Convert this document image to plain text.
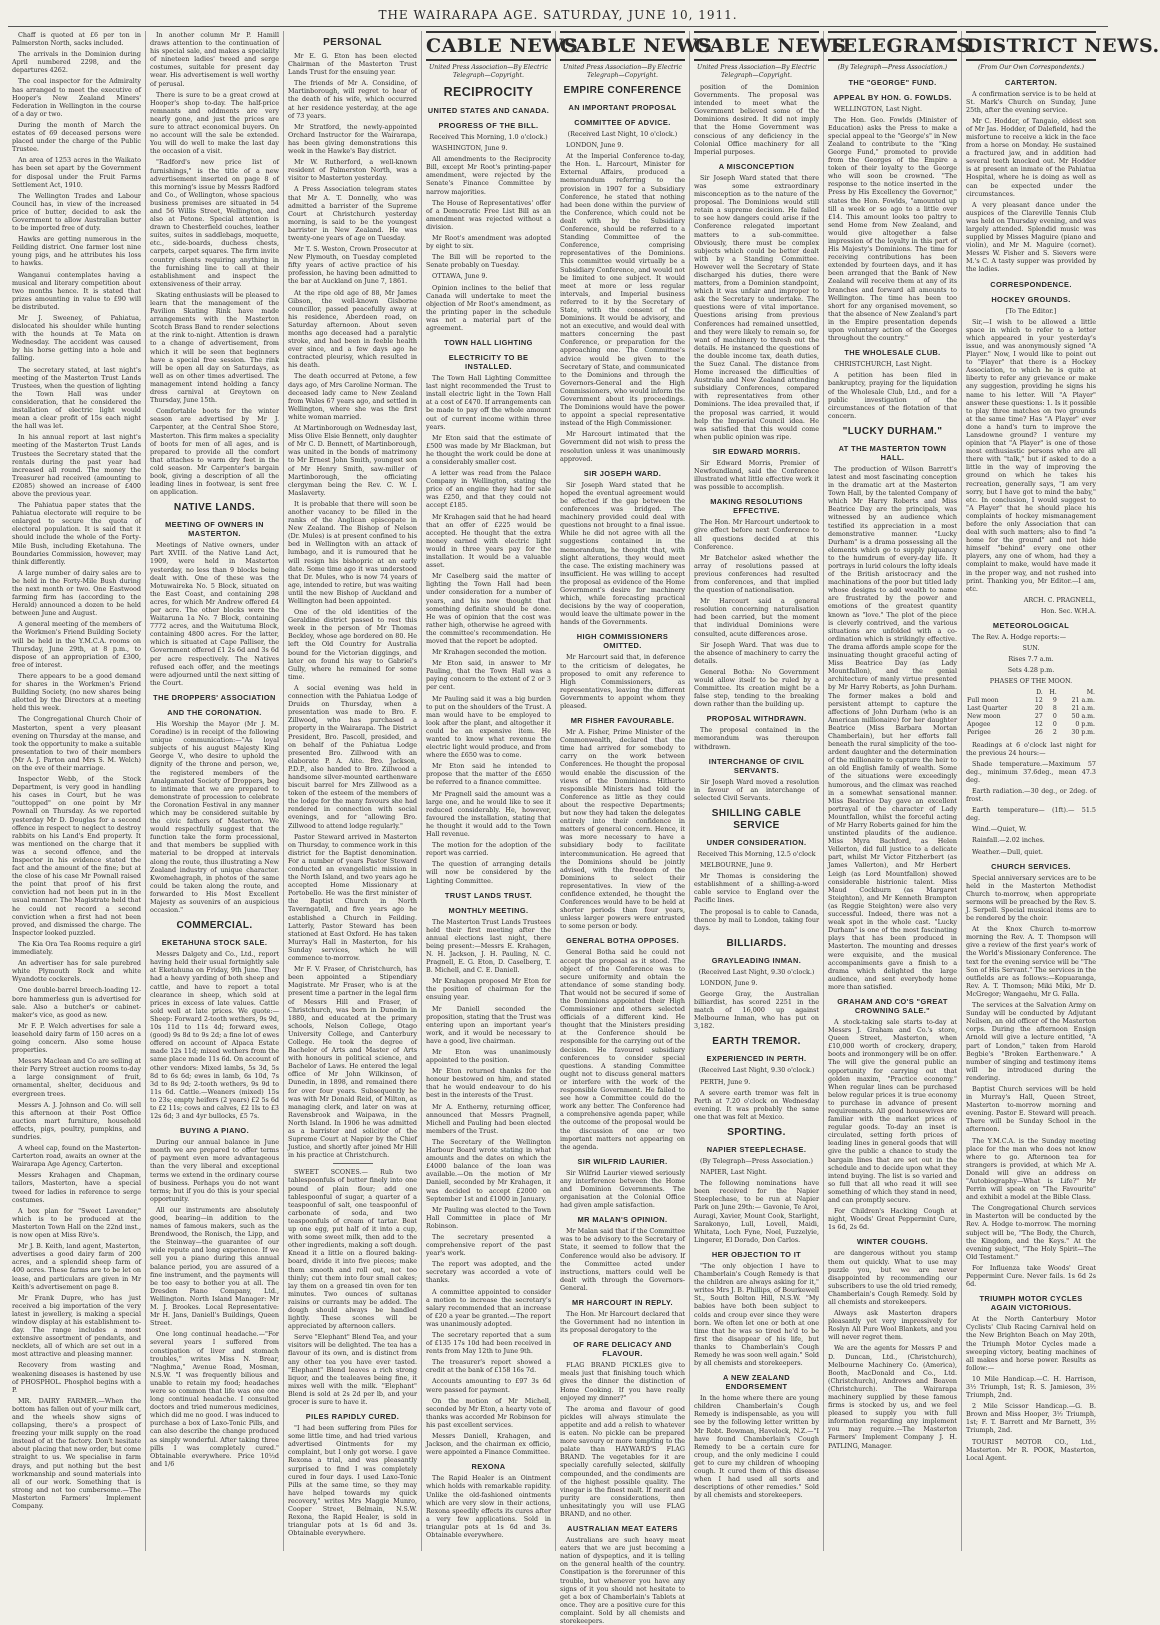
THE WAIRARAPA AGE. SATURDAY, JUNE 10, 1911.

Chaff is quoted at £6 per ton in Palmerston North, sacks included.

The arrivals in the Dominion during April numbered 2298, and the departures 4262.

The coal inspector for the Admiralty has arranged to meet the executive of Hooper's New Zealand Miners' Federation in Wellington in the course of a day or two.

During the month of March the estates of 69 deceased persons were placed under the charge of the Public Trustee.

An area of 1253 acres in the Waikato has been set apart by the Government for disposal under the Fruit Farms Settlement Act, 1910.

The Wellington Trades and Labour Council has, in view of the increased price of butter, decided to ask the Government to allow Australian butter to be imported free of duty.

Hawks are getting numerous in the Feilding district. One farmer lost nine young pigs, and he attributes his loss to hawks.

Wanganui contemplates having a musical and literary competition about two months hence. It is stated that prizes amounting in value to £90 will be distributed.

Mr J. Sweeney, of Pahiatua, dislocated his shoulder while hunting with the hounds at Te Mata on Wednesday. The accident was caused by his horse getting into a hole and falling.

The secretary stated, at last night's meeting of the Masterton Trust Lands Trustees, when the question of lighting the Town Hall was under consideration, that he considered the installation of electric light would mean a clear profit of 15s each night the hall was let.

In his annual report at last night's meeting of the Masterton Trust Lands Trustees the Secretary stated that the rentals during the past year had increased all round. The money the Treasurer had received (amounting to £2085) showed an increase of £400 above the previous year.

The Pahiatua paper states that the Pahiatua electorate will require to be enlarged to secure the quota of electoral population. It is said that it should include the whole of the Forty-Mile Bush, including Eketahuna. The Boundaries Commission, however, may think differently.

A large number of dairy sales are to be held in the Forty-Mile Bush during the next month or two. One Eastwood farming firm has (according to the Herald) announced a dozen to be held between June and August.

A general meeting of the members of the Workmen's Friend Building Society will be held in the Y.M.C.A. rooms on Thursday, June 29th, at 8 p.m., to dispose of an appropriation of £300, free of interest.

There appears to be a good demand for shares in the Workmen's Friend Building Society, (no new shares being allotted by the Directors at a meeting held this week.

The Congregational Church Choir of Masterton, spent a very pleasant evening on Thursday at the manse, and took the opportunity to make a suitable presentation to two of their members (Mr A. J. Parton and Mrs S. M. Welch) on the eve of their marriage.

Inspector Webb, of the Stock Department, is very good in handling his cases in Court, but he was "outtopped" on one point by Mr Pownall on Thursday. As we reported yesterday Mr D. Douglas for a second offence in respect to neglect to destroy rabbits on his Land's End property. It was mentioned on the charge that it was a second offence, and the Inspector in his evidence stated the fact and the amount of the fine; but at the close of his case Mr Pownall raised the point that proof of his first conviction had not been put in in the usual manner. The Magistrate held that he could not record a second conviction when a first had not been proved, and dismissed the charge. The Inspector looked puzzled.

The Kia Ora Tea Rooms require a girl immediately.

An advertiser has for sale purebred white Plymouth Rock and white Wyandotte cockerels.

One double-barrel breech-loading 12-bore hammerless gun is advertised for sale. Also a butcher's or cabinet-maker's vice, as good as new.

Mr F. P. Welch advertises for sale a leasehold dairy farm of 150 acres on a going concern. Also some house properties.

Messrs Maclean and Co are selling at their Perry Street auction rooms to-day a large consignment of fruit, ornamental, shelter, deciduous and evergreen trees.

Messrs A. J. Johnson and Co. will sell this afternoon at their Post Office auction mart furniture, household effects, pigs, poultry, pumpkins, and sundries.

A wheel cap, found on the Masterton-Carterton road, awaits an owner at the Wairarapa Age Agency, Carterton.

Messrs Krahagen and Chapman, tailors, Masterton, have a special tweed for ladies in reference to serge costumes.

A box plan for "Sweet Lavender," which is to be produced at the Masterton Town Hall on the 22nd inst., is now open at Miss Rive's.

Mr J. B. Keith, land agent, Masterton, advertises a good dairy farm of 200 acres, and a splendid sheep farm of 400 acres. These farms are to be let on lease, and particulars are given in Mr Keith's advertisement on page 8.

Mr Frank Dupre, who has just received a big importation of the very latest in jewellery, is making a special window display at his establishment to-day. The range includes a most extensive assortment of pendants, and necklets, all of which are set out in a most attractive and pleasing manner.

Recovery from wasting and weakening diseases is hastened by use of PHOSPHOL. Phosphol begins with a P.

MR. DAIRY FARMER.—When the bottom has fallen out of your milk cart, and the wheels show signs of collapsing, there's a prospect of freezing your milk supply on the road instead of at the factory. Don't hesitate about placing that new order, but come straight to us. We specialise in farm drays, and put nothing but the best workmanship and sound materials into all of our work. Something that is strong and not too cumbersome.—The Masterton Farmers' Implement Company.

In another column Mr P. Hamill draws attention to the continuation of his special sale, and makes a speciality of nineteen ladies' tweed and serge costumes, suitable for present day wear. His advertisement is well worthy of perusal.

There is sure to be a great crowd at Hooper's shop to-day. The half-price remnants and oddments are very nearly gone, and just the prices are sure to attract economical buyers. On no account will the sale be extended. You will do well to make the last day the occasion of a visit.

"Radford's new price list of furnishings," is the title of a new advertisement inserted on page 8 of this morning's issue by Messrs Radford and Co., of Wellington, whose spacious business premises are situated in 54 and 56 Willis Street, Wellington, and also at Petone. Special attention is drawn to Chesterfield couches, leather suites, suites in saddlebags, moquette, etc., side-boards, duchess chests, carpets, carpet squares. The firm invite country clients requiring anything in the furnishing line to call at their establishment and inspect the extensiveness of their array.

Skating enthusiasts will be pleased to learn that the management of the Pavilion Skating Rink have made arrangements with the Masterton Scotch Brass Band to render selections at the rink to-night. Attention is drawn to a change of advertisement, from which it will be seen that beginners have a special free session. The rink will be open all day on Saturdays, as well as on other times advertised. The management intend holding a fancy dress carnival at Greytown on Thursday, June 15th.

Comfortable boots for the winter season are advertised by Mr J. Carpenter, at the Central Shoe Store, Masterton. This firm makes a speciality of boots for men of all ages, and is prepared to provide all the comfort that attaches to warm dry feet in the cold season. Mr Carpenter's bargain book, giving a description of all the leading lines in footwear, is sent free on application.

NATIVE LANDS.
MEETING OF OWNERS IN MASTERTON.

Meetings of Native owners, under Part XVIII. of the Native Land Act, 1909, were held in Masterton yesterday, no less than 9 blocks being dealt with. One of these was the Motuwaireka No. 5 Block, situated on the East Coast, and containing 298 acres, for which Mr Andrew offered £4 per acre. The other blocks were the Waitaruna 1a No. 7 Block, containing 7772 acres, and the Waitutuma Block, containing 4800 acres. For the latter, which is situated at Cape Palliser, the Government offered £1 2s 6d and 3s 6d per acre respectively. The Natives refused each offer, and the meetings were adjourned until the next sitting of the Court.

THE DROPPERS' ASSOCIATION
AND THE CORONATION.

His Worship the Mayor (Mr J. M. Coradine) is in receipt of the following unique communication:—"As loyal subjects of his august Majesty King George V., who desire to uphold the dignity of the throne and person, we, the registered members of the Amalgamated Society of Droppers, beg to intimate that we are prepared to demonstrate of procession to celebrate the Coronation Festival in any manner which may be considered suitable by the civic fathers of Masterton. We would respectfully suggest that the function take the form processional, and that members be supplied with material to be dropped at intervals along the route, thus illustrating a New Zealand industry of unique character. Kwomehagraph, in photos of the same could be taken along the route, and forwarded to His Most Excellent Majesty as souvenirs of an auspicious occasion."

COMMERCIAL.
EKETAHUNA STOCK SALE.

Messrs Dalgety and Co., Ltd., report having held their usual fortnightly sale at Eketahuna on Friday, 9th June. They had a heavy yarding of both sheep and cattle, and have to report a total clearance in sheep, which sold at prices in excess of late values. Cattle sold well at late prices. We quote:—Sheep: Forward 2-tooth wethers, 9s 9d, 10s 11d to 11s 4d; forward ewes, (good) 9s 8d to 9s 2d; a fine lot of ewes offered on account of Alpaca Estate made 12s 11d; mixed wethers from the same place made 11s 6d. On account of other vendors: Mixed lambs, 5s 3d, 5s 8d to 6s 6d; ewes in lamb, 6s 10d, 7s 3d to 8s 9d; 2-tooth wethers, 9s 9d to 11s 6d. Cattle.—Weaners (mixed) 15s to 23s; empty heifers (2 years) £2 5s 6d to £2 11s; cows and calves, £2 1ls to £3 12s 6d; 3 and 4yr bullocks, £5 7s.

BUYING A PIANO.

During our annual balance in June month we are prepared to offer terms of payment even more advantageous than the very liberal and exceptional terms we extend in the ordinary course of business. Perhaps you do not want terms; but if you do this is your special opportunity.

All our instruments are absolutely good, bearing—in addition to the names of famous makers, such as the Brendwood, the Ronisch, the Lipp, and the Steinway—the guarantee of our wide repute and long experience. If we sell you a piano during this annual balance period, you are assured of a fine instrument, and the payments will be too easy to bother you at all. The Dresden Piano Company, Ltd., Wellington. North Island Manager: Mr M. J. Brookes. Local Representative: Mr H. Jans, Daniell's Buildings, Queen Street.

One long continual headache.—"For several years I suffered from constipation of liver and stomach troubles," writes Miss N. Brear, "Naghma," Avenue Road, Mosman, N.S.W. "I was frequently bilious and unable to retain my food; headaches were so common that life was one one long continual headache. I consulted doctors and tried numerous medicines, which did me no good. I was induced to purchase a box of Laxo-Tonic Pills, and can also describe the change produced as simply wonderful. After taking three pills I was completely cured." Obtainable everywhere. Price 10½d and 1/6

PERSONAL

Mr E. G. Eton has been elected Chairman of the Masterton Trust Lands Trust for the ensuing year.

The friends of Mr A. Considine, of Martinborough, will regret to hear of the death of his wife, which occurred at her residence yesterday, at the age of 73 years.

Mr Stratford, the newly-appointed Orchard Instructor for the Wairarapa, has been giving demonstrations this week in the Hawke's Bay district.

Mr W. Rutherford, a well-known resident of Palmerston North, was a visitor to Masterton yesterday.

A Press Association telegram states that Mr A. T. Donnelly, who was admitted a barrister of the Supreme Court at Christchurch yesterday morning, is said to be the youngest barrister in New Zealand. He was twenty-one years of age on Tuesday.

Mr T. S. Weston, Crown Prosecutor at New Plymouth, on Tuesday completed fifty years of active practice of his profession, he having been admitted to the bar at Auckland on June 7, 1861.

At the ripe old age of 88, Mr James Gibson, the well-known Gisborne councillor, passed peacefully away at his residence, Aberdeen road, on Saturday afternoon. About seven months ago deceased had a paralytic stroke, and had been in feeble health ever since, and a few days ago he contracted pleurisy, which resulted in his death.

The death occurred at Petone, a few days ago, of Mrs Caroline Norman. The deceased lady came to New Zealand from Wales 67 years ago, and settled in Wellington, where she was the first white woman married.

At Martinborough on Wednesday last, Miss Olive Elsie Bennett, only daughter of Mr C. D. Bennett, of Martinborough, was united in the bonds of matrimony to Mr Ernest John Smith, youngest son of Mr Henry Smith, saw-miller of Martinborough, the officiating clergyman being the Rev. C. W. I. Maslaverty.

It is probable that there will soon be another vacancy to be filled in the ranks of the Anglican episcopate in New Zealand. The Bishop of Nelson (Dr. Mules) is at present confined to his bed in Wellington with an attack of lumbago, and it is rumoured that he will resign his bishopric at an early date. Some time ago it was understood that Dr. Mules, who is now 74 years of age, intended to retire, but was waiting until the new Bishop of Auckland and Wellington had been appointed.

One of the old identities of the Geraldine district passed to rest this week in the person of Mr Thomas Beckley, whose age bordered on 80. He left the Old Country for Australia bound for the Victorian diggings, and later on found his way to Gabriel's Gully, where he remained for some time.

A social evening was held in connection with the Pahiatua Lodge of Druids on Thursday, when a presentation was made to Bro. F. Zillwood, who has purchased a property in the Wairarapa. The District President, Bro. Pascoll, presided, and on behalf of the Pahiatua Lodge presented Bro. Zillwood with an elaborate P. A. Aite. Bro. Jackson, P.D.P., also handed to Bro. Zillwood a handsome silver-mounted earthenware biscuit barrel for Mrs Zillwood as a token of the esteem of the members of the lodge for the many favours she had rendered in connection with social evenings, and for "allowing Bro. Zillwood to attend lodge regularly."

Pastor Steward arrived in Masterton on Thursday, to commence work in this district for the Baptist denomination. For a number of years Pastor Steward conducted an evangelistic mission in the North Island, and two years ago he accepted Home Missionary at Portobello. He was the first minister of the Baptist Church in North Taverngatell, and five years ago he established a Church in Feilding. Latterly, Pastor Steward has been stationed at East Oxford. He has taken Murray's Hall in Masterton, for his Sunday services, which he will commence to-morrow.

Mr F. V. Fraser, of Christchurch, has been appointed a Stipendiary Magistrate. Mr Fraser, who is at the present time a partner in the legal firm of Messrs Hill and Fraser, of Christchurch, was born in Dunedin in 1880, and educated at the primary schools, Nelson College, Otago University College, and Canterbury College. He took the degree of Bachelor of Arts and Master of Arts with honours in political science, and Bachelor of Laws. He entered the legal office of Mr John Wilkinson, of Dunedin, in 1898, and remained there for over four years. Subsequently he was with Mr Donald Reid, of Milton, as managing clerk, and later on was at Ravensbrook and Waipawa, in the North Island. In 1906 he was admitted as a barrister and solicitor of the Supreme Court at Napier by the Chief Justice, and shortly after joined Mr Hill in his practice at Christchurch.

SWEET SCONES.— Rub two tablespoonfuls of butter finely into one pound of plain flour; add one tablespoonful of sugar, a quarter of a teaspoonful of salt, one teaspoonful of carbonate of soda, and two teaspoonfuls of cream of tartar. Beat up one egg, put half of it into a cup, with some sweet milk, then add to the other ingredients, making a soft dough. Knead it a little on a floured baking-board, divide it into five pieces; make them smooth and roll out, not too thinly; cut them into four small cakes; lay them on a greased tin oven for ten minutes. Two ounces of sultanas raisins or currants may be added. The dough should always be handled lightly. These scones will be appreciated by afternoon callers.

Serve "Elephant" Blend Tea, and your visitors will be delighted. The tea has a flavour of its own, and is distinct from any other tea you have ever tasted. "Elephant" Blend leaves a rich strong liquor, and the tealeaves being fine, it mixes well with the milk. "Elephant" Blend is sold at 2s 2d per lb, and your grocer is sure to have it.

PILES RAPIDLY CURED.

"I had been suffering from Piles for some little time, and had tried various advertised Ointments for my complaint, but I only got worse. I gave Rexona a trial, and was pleasantly surprised to find I was completely cured in four days. I used Laxo-Tonic Pills at the same time, so they may have helped towards my quick recovery," writes Mrs Maggie Munro, Cooper Street, Belmain, N.S.W. Rexona, the Rapid Healer, is sold in triangular pots at 1s 6d and 3s. Obtainable everywhere.

CABLE NEWS
United Press Association—By Electric Telegraph—Copyright.
RECIPROCITY
UNITED STATES AND CANADA.
PROGRESS OF THE BILL.

Received This Morning, 1.0 o'clock.)

WASHINGTON, June 9.

All amendments to the Reciprocity Bill, except Mr Root's printing-paper amendment, were rejected by the Senate's Finance Committee by narrow majorities.

The House of Representatives' offer of a Democratic Free List Bill as an amendment was rejected without a division.

Mr Root's amendment was adopted by eight to six.

The Bill will be reported to the Senate probably on Tuesday.

OTTAWA, June 9.

Opinion inclines to the belief that Canada will undertake to meet the objection of Mr Root's amendment, as the printing paper in the schedule was not a material part of the agreement.

TOWN HALL LIGHTING
ELECTRICITY TO BE INSTALLED.

The Town Hall Lighting Committee last night recommended the Trust to install electric light in the Town Hall at a cost of £470. If arrangements can be made to pay off the whole amount out of current income within three years.

Mr Eton said that the estimate of £500 was made by Mr Blackman, but he thought the work could be done at a considerably smaller cost.

A letter was read from the Palace Company in Wellington, stating the price of an engine they had for sale was £250, and that they could not accept £185.

Mr Krahagen said that he had heard that an offer of £225 would be accepted. He thought that the extra money earned with electric light would in three years pay for the installation. It would be a valuable asset.

Mr Caselberg said the matter of lighting the Town Hall had been under consideration for a number of years, and his now thought that something definite should be done. He was of opinion that the cost was rather high, otherwise he agreed with the committee's recommendation. He moved that the report be adopted.

Mr Krahagen seconded the motion.

Mr Eton said, in answer to Mr Pauling, that the Town Hall was a paying concern to the extent of 2 or 3 per cent.

Mr Pauling said it was a big burden to put on the shoulders of the Trust. A man would have to be employed to look after the plant, and altogether it could be an expensive item. He wanted to know what revenue the electric light would produce, and from where the £650 was to come.

Mr Eton said he intended to propose that the matter of the £650 be referred to a finance committee.

Mr Pragnell said the amount was a large one, and he would like to see it reduced considerably. He, however, favoured the installation, stating that he thought it would add to the Town Hall revenue.

The motion for the adoption of the report was carried.

The question of arranging details will now be considered by the Lighting Committee.

TRUST LANDS TRUST.
MONTHLY MEETING.

The Masterton Trust Lands Trustees held their first meeting after the annual elections last night, there being present:—Messrs E. Krahagen, N. H. Jackson, J. H. Pauling, N. C. Pragnell, E. G. Eton, D. Caselberg, T. B. Michell, and C. E. Daniell.

Mr Krahagen proposed Mr Eton for the position of chairman for the ensuing year.

Mr Daniell seconded the proposition, stating that the Trust was entering upon an important year's work, and it would be necessary to have a good, live chairman.

Mr Eton was unanimously appointed to the position.

Mr Eton returned thanks for the honour bestowed on him, and stated that he would endeavour to do his best in the interests of the Trust.

Mr A. Entherny, returning officer, announced that Messrs Pragnell, Michell and Pauling had been elected members of the Trust.

The Secretary of the Wellington Harbour Board wrote stating in what amounts and the dates on which the £4000 balance of the loan was available.—On the motion of Mr Daniell, seconded by Mr Krahagen, it was decided to accept £2000 on September 1st and £1000 in January.

Mr Pauling was elected to the Town Hall Committee in place of Mr Robinson.

The secretary presented a comprehensive report of the past year's work.

The report was adopted, and the secretary was accorded a vote of thanks.

A committee appointed to consider a motion to increase the secretary's salary recommended that an increase of £20 a year be granted.—The report was unanimously adopted.

The secretary reported that a sum of £135 17s 10d had been received in rents from May 12th to June 9th.

The treasurer's report showed a credit at the bank of £158 16s 7d.

Accounts amounting to £97 3s 6d were passed for payment.

On the motion of Mr Michell, seconded by Mr Eton, a hearty vote of thanks was accorded Mr Robinson for his past excellent services.

Messrs Daniell, Krahagen, and Jackson, and the chairman ex officio, were appointed a Finance Committee.

REXONA

The Rapid Healer is an Ointment which holds with remarkable rapidity. Unlike the old-fashioned ointments which are very slow in their actions, Rexona speedily effects its cures after a very few applications. Sold in triangular pots at 1s 6d and 3s. Obtainable everywhere.

CABLE NEWS
United Press Association—By Electric Telegraph—Copyright.
EMPIRE CONFERENCE
AN IMPORTANT PROPOSAL
COMMITTEE OF ADVICE.

(Received Last Night, 10 o'clock.)

LONDON, June 9.

At the Imperial Conference to-day, the Hon. L. Harcourt, Minister for External Affairs, produced a memorandum referring to the provision in 1907 for a Subsidiary Conference, he stated that nothing had been done within the purview of the Conference, which could not be dealt with by the Subsidiary Conference, should be referred to a Standing Committee of the Conference, comprising representatives of the Dominions. This committee would virtually be a Subsidiary Conference, and would not be limited to one subject. It would meet at more or less regular intervals, and Imperial business referred to it by the Secretary of State, with the consent of the Dominions. It would be advisory, and not an executive, and would deal with matters concerning the past Conference, or preparation for the approaching one. The Committee's advice would be given to the Secretary of State, and communicated to the Dominions and through the Governors-General and the High Commissioners, who would inform the Government about its proceedings. The Dominions would have the power to appoint a special representative instead of the High Commissioner.

Mr Harcourt intimated that the Government did not wish to press the resolution unless it was unanimously approved.

SIR JOSEPH WARD.

Sir Joseph Ward stated that he hoped the eventual agreement would be effected if the gap between the conferences was bridged. The machinery provided could deal with questions not brought to a final issue. While he did not agree with all the suggestions contained in the memorandum, he thought that, with slight alterations, they would meet the case. The existing machinery was insufficient. He was willing to accept the proposal as evidence of the Home Government's desire for machinery which, while forecasting practical decisions by the way of cooperation, would leave the ultimate power in the hands of the Governments.

HIGH COMMISSIONERS OMITTED.

Mr Harcourt said that, in deference to the criticism of delegates, he proposed to omit any reference to High Commissioners, as representatives, leaving the different Governments to appoint whom they pleased.

MR FISHER FAVOURABLE.

Mr A. Fisher, Prime Minister of the Commonwealth, declared that the time had arrived for somebody to carry on the work between Conferences. He thought the proposal would enable the discussion of the views of the Dominions. Hitherto responsible Ministers had told the Conference as little as they could about the respective Departments; but now they had taken the delegates entirely into their confidence in matters of general concern. Hence, it was more necessary to have a subsidiary body to facilitate intercommunication. He agreed that the Dominions should be jointly advised, with the freedom of the Dominions to select their representatives. In view of the confidence extended, he thought the Conferences would have to be held at shorter periods than four years, unless larger powers were entrusted to some person or body.

GENERAL BOTHA OPPOSES.

General Botha said he could not accept the proposal as it stood. The object of the Conference was to secure uniformity and obtain the attendance of some standing body. That would not be secured if some of the Dominions appointed their High Commissioner and others selected officials of a different kind. He thought that the Ministers presiding at the Conference should be responsible for the carrying out of the decision. He favoured subsidiary conferences to consider special questions. A standing Committee ought not to discuss general matters or interfere with the work of the responsible Government. He failed to see how a Committee could do the work any better. The Conference had a comprehensive agenda paper, while the outcome of the proposal would be the discussion of one or two important matters not appearing on the agenda.

SIR WILFRID LAURIER.

Sir Wilfrid Laurier viewed seriously any interference between the Home and Dominion Governments. The organisation at the Colonial Office had given ample satisfaction.

MR MALAN'S OPINION.

Mr Malan said that if the Committee was to be advisory to the Secretary of State, it seemed to follow that the Conference would also be advisory. If the Committee acted under instructions, matters could well be dealt with through the Governors-General.

MR HARCOURT IN REPLY.

The Hon. Mr Harcourt declared that the Government had no intention in its proposal derogatory to the

OF RARE DELICACY AND FLAVOUR.

FLAG BRAND PICKLES give to meals just that finishing touch which gives the dinner the distinction of Home Cooking. If you have really enjoyed my dinner?"

The aroma and flavour of good pickles will always stimulate the appetite and add a relish to whatever is eaten. No pickle can be prepared more savoury or more tempting to the palate than HAYWARD'S FLAG BRAND. The vegetables for it are specially carefully selected, skilfully compounded, and the condiments are of the highest possible quality. The vinegar is the finest malt. If merit and purity are considerations, then unhesitatingly you will use FLAG BRAND, and no other.

AUSTRALIAN MEAT EATERS

Australians are such heavy meat eaters that we are just becoming a nation of dyspeptics, and it is telling on the general health of the country. Constipation is the forerunner of this trouble, but whenever you have any signs of it you should not hesitate to get a box of Chamberlain's Tablets at once. They are a positive cure for this complaint. Sold by all chemists and storekeepers.

CABLE NEWS
United Press Association—By Electric Telegraph—Copyright.

position of the Dominion Governments. The proposal was intended to meet what the Government believed some of the Dominions desired. It did not imply that the Home Government was conscious of any deficiency in the Colonial Office machinery for all Imperial purposes.

A MISCONCEPTION

Sir Joseph Ward stated that there was some extraordinary misconception as to the nature of the proposal. The Dominions would still retain a supreme decision. He failed to see how dangers could arise if the Conference relegated important matters to a sub-committee. Obviously, there must be complex subjects which could be better dealt with by a Standing Committee. However well the Secretary of State discharged his duties, there were matters, from a Dominion standpoint, which it was unfair and improper to ask the Secretary to undertake. The questions were of vital importance. Questions arising from previous Conferences had remained unsettled, and they were likely to remain so, for want of machinery to thresh out the details. He instanced the questions of the double income tax, death duties, the Suez Canal. The distance from Home increased the difficulties of Australia and New Zealand attending subsidiary Conferences, compared with representatives from other Dominions. The idea prevailed that, if the proposal was carried, it would help the Imperial Council idea. He was satisfied that this would come when public opinion was ripe.

SIR EDWARD MORRIS.

Sir Edward Morris, Premier of Newfoundland, said the Conference illustrated what little effective work it was possible to accomplish.

MAKING RESOLUTIONS EFFECTIVE.

The Hon. Mr Harcourt undertook to give effect before next Conference to all questions decided at this Conference.

Mr Batchelor asked whether the array of resolutions passed at previous conferences had resulted from conferences, and that implied the question of nationalisation.

Mr Harcourt said a general resolution concerning naturalisation had been carried, but the moment that individual Dominions were consulted, acute differences arose.

Sir Joseph Ward. That was due to the absence of machinery to carry the details.

General Botha: No Government would allow itself to be ruled by a Committee. Its creation might be a false step, tending to the breaking down rather than the building up.

PROPOSAL WITHDRAWN.

The proposal contained in the memorandum was thereupon withdrawn.

INTERCHANGE OF CIVIL SERVANTS.

Sir Joseph Ward moved a resolution in favour of an interchange of selected Civil Servants.

SHILLING CABLE SERVICE
UNDER CONSIDERATION.

Received This Morning, 12.5 o'clock

MELBOURNE, June 9.

Mr Thomas is considering the establishment of a shilling-a-word cable service to England over the Pacific lines.

The proposal is to cable to Canada, thence by mail to London, taking four days.

BILLIARDS.
GRAYLEADING INMAN.

(Received Last Night, 9.30 o'clock.)

LONDON, June 9.

George Gray, the Australian billiardist, has scored 2251 in the match of 16,000 up against Melbourne Inman, who has put on 3,182.

EARTH TREMOR.
EXPERIENCED IN PERTH.

(Received Last Night, 9.30 o'clock.)

PERTH, June 9.

A severe earth tremor was felt in Perth at 7.20 o'clock on Wednesday evening. It was probably the same one that was felt at Mexico.

SPORTING.
NAPIER STEEPLECHASE.

(By Telegraph—Press Association.)

NAPIER, Last Night.

The following nominations have been received for the Napier Steeplechase, to be run at Napier Park on June 29th:— Gavonie, Te Aroi, Auragi, Xavier, Mount Cook, Starlight, Sarakonyo, Lull, Lovell, Maidi, Whitata, Loch Fyne, Noel, Fuzzelyie, Lingerer, El Dorado, Don Carlos.

HER OBJECTION TO IT

"The only objection I have to Chamberlain's Cough Remedy is that the children are always asking for it," writes Mrs J. B. Phillips, of Bourkewell St., South Bolton Hill, N.S.W. "My babies have both been subject to colds and croup ever since they were born. We often let one or both at one time that he was so tired he'd to be first the disappear of his life, but thanks to Chamberlain's Cough Remedy he was soon well again." Sold by all chemists and storekeepers.

A NEW ZEALAND ENDORSEMENT

In the home where there are young children Chamberlain's Cough Remedy is indispensable, as you will see by the following letter written by Mr Robt. Bowman, Havelock, N.Z.—"I have found Chamberlain's Cough Remedy to be a certain cure for croup, and the only medicine I could get to cure my children of whooping cough. It cured them of this disease when I had used all sorts and descriptions of other remedies." Sold by all chemists and storekeepers.

TELEGRAMS.
(By Telegraph—Press Association.)
THE "GEORGE" FUND.
APPEAL BY HON. G. FOWLDS.

WELLINGTON, Last Night.

The Hon. Geo. Fowlds (Minister of Education) asks the Press to make a special appeal to the "George's" in New Zealand to contribute to the "King George Fund," promoted to provide from the Georges of the Empire a token of their loyalty to the George who will soon be crowned. "The response to the notice inserted in the Press by His Excellency the Governor," states the Hon. Fowlds, "amounted up till a week or so ago to a little over £14. This amount looks too paltry to send Home from New Zealand, and would give altogether a false impression of the loyalty in this part of His Majesty's Dominions. The time for receiving contributions has been extended by fourteen days, and it has been arranged that the Bank of New Zealand will receive them at any of its branches and forward all amounts to Wellington. The time has been too short for any organised movement, so that the absence of New Zealand's part in the Empire presentation depends upon voluntary action of the Georges throughout the country."

THE WHOLESALE CLUB.

CHRISTCHURCH, Last Night.

A petition has been filed in bankruptcy, praying for the liquidation of the Wholesale Club, Ltd., and for a public investigation of the circumstances of the flotation of that concern.

"LUCKY DURHAM."
AT THE MASTERTON TOWN HALL.

The production of Wilson Barrett's latest and most fascinating conception in the dramatic art at the Masterton Town Hall, by the talented Company of which Mr Harry Roberts and Miss Beatrice Day are the principals, was witnessed by an audience which testified its appreciation in a most demonstrative manner. "Lucky Durham" is a drama possessing all the elements which go to supply piquancy to the humdrum of every-day life. It portrays in lurid colours the lofty ideals of the British aristocracy and the machinations of the poor but titled lady whose designs to add wealth to name are frustrated by the power and emotions of the greatest quantity known as "love." The plot of the piece is cleverly contrived, and the various situations are unfolded with a co-ordination which is strikingly effective. The drama affords ample scope for the insinuating thought graceful acting of Miss Beatrice Day (as Lady Mountfallon), and the genial architecture of manly virtue presented by Mr Harry Roberts, as John Durham. The former makes a bold and persistent attempt to capture the affections of John Durham (who is an American millionaire) for her daughter Beatrice (Miss Barbara Mortan Chamberlain), but her efforts fall beneath the rural simplicity of the too-ardent daughter and the determination of the millionaire to capture the heir to an old English family of wealth. Some of the situations were exceedingly humorous, and the climax was reached in a somewhat sensational manner. Miss Beatrice Day gave an excellent portrayal of the character of Lady Mountfallon, whilst the forceful acting of Mr Harry Roberts gained for him the unstinted plaudits of the audience. Miss Myra Bachford, as Helen Vellerton, did full justice to a delicate part, whilst Mr Victor Fitzherbert (as James Vallerton), and Mr Herbert Leigh (as Lord Mountfallon) showed considerable histrionic talent. Miss Maud Cockburn (as Margaret Steighton), and Mr Kenneth Brampton (as Reggie Steighton) were also very successful. Indeed, there was not a weak spot in the whole cast. "Lucky Durham" is one of the most fascinating plays that has been produced in Masterton. The mounting and dresses were exquisite, and the musical accompaniments gave a finish to a drama which delighted the large audience, and sent everybody home more than satisfied.

GRAHAM AND CO'S "GREAT CROWNING SALE."

A stock-taking sale starts to-day at Messrs J. Graham and Co.'s store, Queen Street, Masterton, when £10,000 worth of crockery, drapery, boots and ironmongery will be on offer. The will give the general public an opportunity for carrying out that golden maxim, "Practice economy." When regular lines can be purchased below regular prices it is true economy to purchase in advance of present requirements. All good housewives are familiar with the market prices of regular goods. To-day an inset is circulated, setting forth prices of leading lines in general goods that will give the public a chance to study the bargain lines that are set out in the schedule and to decide upon what they intend buying. The list is so varied and so full that all who read it will see something of which they stand in need, and can promptly secure.

For Children's Hacking Cough at night, Woods' Great Peppermint Cure, 1s 6d, 2s 6d.

WINTER COUGHS.

are dangerous without you stamp them out quickly. What to use may puzzle you, but we are never disappointed by recommending our subscribers to use the old tried remedy, Chamberlain's Cough Remedy. Sold by all chemists and storekeepers.

Always ask Masterton drapers pleasantly yet very impressively for Roslyn All Pure Wool Blankets, and you will never regret them.

We are the agents for Messrs P and D. Duncan, Ltd., (Christchurch), Melbourne Machinery Co. (America), Booth, MacDonald and Co., Ltd. (Christchurch), Andrews and Beaven (Christchurch). The Wairarapa machinery supplied by these famous firms is stocked by us, and we feel pleased to supply you with full information regarding any implement you may require.—The Masterton Farmers' Implement Company J. H. PATLING, Manager.

DISTRICT NEWS.
(From Our Own Correspondents.)
CARTERTON.

A confirmation service is to be held at St. Mark's Church on Sunday, June 25th, after the evening service.

Mr C. Hodder, of Tangaio, eldest son of Mr Jas. Hodder, of Dalefield, had the misfortune to receive a kick in the face from a horse on Monday. He sustained a fractured jaw, and in addition had several teeth knocked out. Mr Hodder is at present an inmate of the Pahiatua Hospital, where he is doing as well as can be expected under the circumstances.

A very pleasant dance under the auspices of the Clareville Tennis Club was held on Thursday evening, and was largely attended. Splendid music was supplied by Misses Maguire (piano and violin), and Mr M. Maguire (cornet). Messrs W. Fisher and S. Sievers were M.'s C. A tasty supper was provided by the ladies.

CORRESPONDENCE.
HOCKEY GROUNDS.

[To The Editor.]

Sir,—I wish to be allowed a little space in which to refer to a letter which appeared in your yesterday's issue, and was anonymously signed "A Player." Now, I would like to point out to "Player" that there is a Hockey Association, to which he is quite at liberty to refer any grievance or make any suggestion, providing he signs his name to his letter. Will "A Player" answer these questions: 1. Is it possible to play three matches on two grounds at the same time? Has "A Player" ever done a hand's turn to improve the Lansdowne ground? I venture my opinion that "A Player" is one of those most enthusiastic persons who are all there with "talk," but if asked to do a little in the way of improving the ground on which he takes his recreation, generally says, "I am very sorry, but I have got to mind the baby," etc. In conclusion, I would suggest to "A Player" that he should place his complaints of hockey mismanagement before the only Association that can deal with such matters; also to find "a home for the ground" and not hide himself "behind" every one other players, any one of whom, had they a complaint to make, would have made it in the proper way, and not rushed into print. Thanking you, Mr Editor.—I am, etc.

ARCH. C. PRAGNELL,

Hon. Sec. W.H.A.

METEOROLOGICAL

The Rev. A. Hodge reports:—

SUN.

Rises 7.7 a.m.

Sets 4.28 p.m.

PHASES OF THE MOON.

	D.	H.	M.
Full moon	12	9	21 a.m.
Last Quarter	20	8	21 a.m.
New moon	27	0	50 a.m.
Apogee	12	0	0 p.m.
Perigee	26	2	30 p.m.

Readings at 6 o'clock last night for the previous 24 hours:—

Shade temperature.—Maximum 57 deg., minimum 37.6deg., mean 47.3 deg.

Earth radiation.—30 deg., or 2deg. of frost.

Earth temperature— (1ft).— 51.5 deg.

Wind.—Quiet, W.

Rainfall.—2.02 inches.

Weather.—Dull, quiet.

CHURCH SERVICES.

Special anniversary services are to be held in the Masterton Methodist Church to-morrow, when appropriate sermons will be preached by the Rev. S. J. Serpell. Special musical items are to be rendered by the choir.

At the Knox Church to-morrow morning the Rev. A. T. Thompson will give a review of the first year's work of the World's Missionary Conference. The text for the evening service will be "The Son of His Servant." The services in the outfields are as follows:—Kopuaranga, Rev. A. T. Thomson; Miki Miki, Mr D. McGregor; Wangaehu, Mr G. Falla.

The services at the Salvation Army on Sunday will be conducted by Adjutant Neilsen, an old officer of the Masterton corps. During the afternoon Ensign Arnold will give a lecture entitled, "A part of London," taken from Harold Begbie's "Broken Earthenware." A number of singing and testimony items will be introduced during the rendering.

Baptist Church services will be held in Murray's Hall, Queen Street, Masterton to-morrow morning and evening. Pastor E. Steward will preach. There will be Sunday School in the afternoon.

The Y.M.C.A. is the Sunday meeting place for the man who does not know where to go. Afternoon tea for strangers is provided, at which Mr A. Donald will give an address on "Autobiography—What is Life?" Mr Perrin will speak on "The Favourite" and exhibit a model at the Bible Class.

The Congregational Church services in Masterton will be conducted by the Rev. A. Hodge to-morrow. The morning subject will be, "The Body, the Church, the Kingdom, and the Keys." At the evening subject, "The Holy Spirit—The Old Testament."

For Influenza take Woods' Great Peppermint Cure. Never fails. 1s 6d 2s 6d.

TRIUMPH MOTOR CYCLES AGAIN VICTORIOUS.

At the North Canterbury Motor Cyclists' Club Racing Carnival held on the New Brighton Beach on May 20th, the Triumph Motor Cycles made a sweeping victory, beating machines of all makes and horse power. Results as follow:—

10 Mile Handicap.—C. H. Harrison, 3½ Triumph, 1st; R. S. Jamieson, 3½ Triumph, 2nd.

2 Mile Scissor Handicap.—G. B. Brown and Miss Hooper, 3½ Triumph, 1st; F. T. Barrett and Mr Barnett, 3½ Triumph, 2nd.

TOURIST MOTOR CO., Ltd., Masterton. Mr R. POOK, Masterton, Local Agent.
